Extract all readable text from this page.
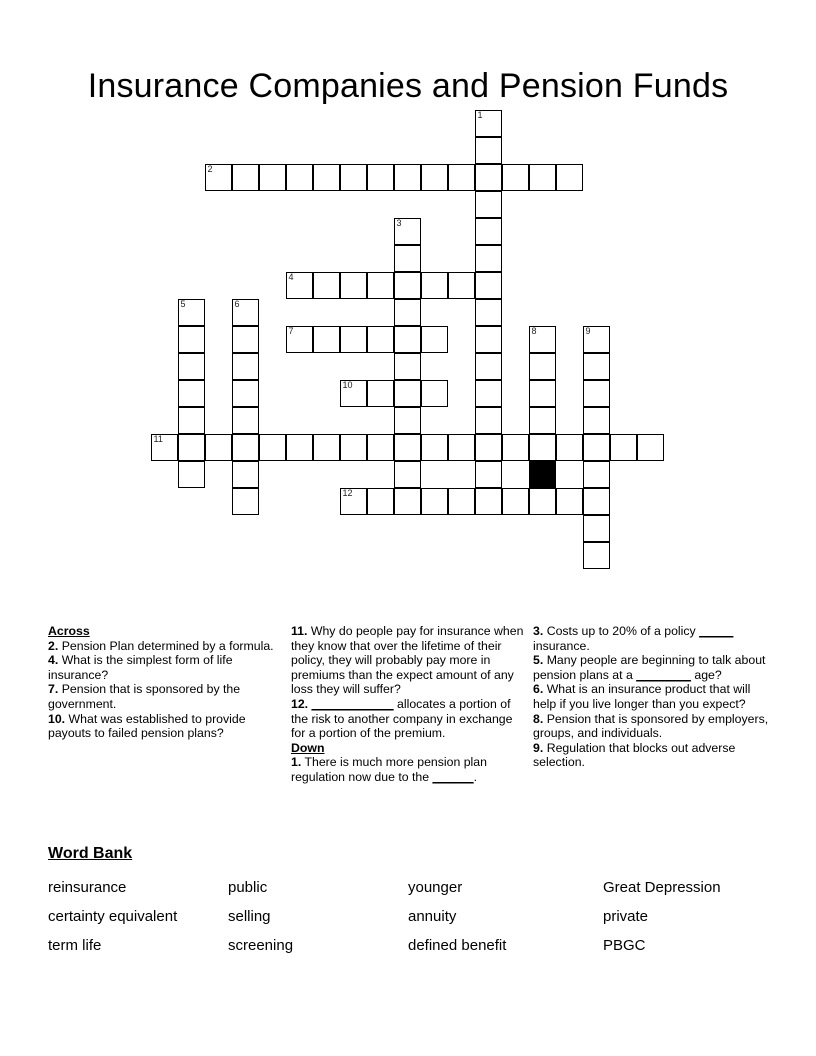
Insurance Companies and Pension Funds
1
2
3
4
5	6
7	8	9
10
11
12
Across
2. Pension Plan determined by a formula.
4. What is the simplest form of life insurance?
7. Pension that is sponsored by the government.
10. What was established to provide payouts to failed pension plans?
11. Why do people pay for insurance when they know that over the lifetime of their policy, they will probably pay more in premiums than the expect amount of any loss they will suffer?
12. ____________ allocates a portion of the risk to another company in exchange for a portion of the premium.
Down
1. There is much more pension plan regulation now due to the ______.
3. Costs up to 20% of a policy _____ insurance.
5. Many people are beginning to talk about pension plans at a ________ age?
6. What is an insurance product that will help if you live longer than you expect?
8. Pension that is sponsored by employers, groups, and individuals.
9. Regulation that blocks out adverse selection.
Word Bank
reinsurance	public	younger	Great Depression
certainty equivalent	selling	annuity	private
term life	screening	defined benefit	PBGC
